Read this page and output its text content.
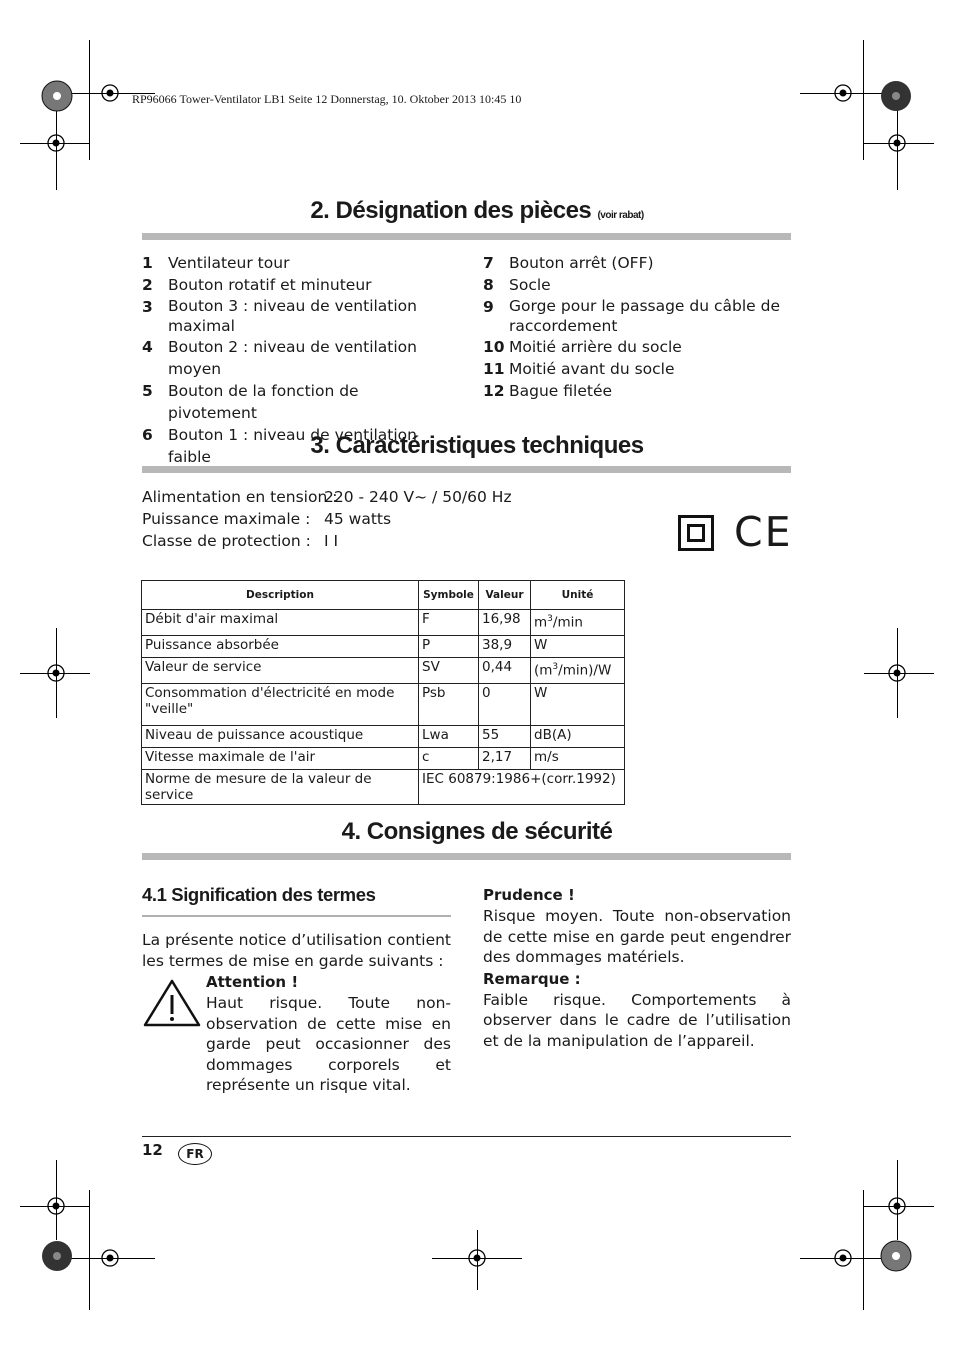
RP96066 Tower-Ventilator LB1 Seite 12 Donnerstag, 10. Oktober 2013 10:45 10
2. Désignation des pièces (voir rabat)
1 Ventilateur tour
2 Bouton rotatif et minuteur
3 Bouton 3 : niveau de ventilation maximal
4 Bouton 2 : niveau de ventilation moyen
5 Bouton de la fonction de pivotement
6 Bouton 1 : niveau de ventilation faible
7 Bouton arrêt (OFF)
8 Socle
9 Gorge pour le passage du câble de raccordement
10 Moitié arrière du socle
11 Moitié avant du socle
12 Bague filetée
3. Caractéristiques techniques
Alimentation en tension :220 - 240 V~ / 50/60 Hz
Puissance maximale : 45 watts
Classe de protection : I I	CE
Description	Symbole	Valeur	Unité
Débit d'air maximal	F	16,98	$m^3/\min$
Puissance absorbée	P	38,9	W
Valeur de service	SV	0,44	$(m^3/\min)/W$
Consommation d'électricité en mode "veille"	Psb	0	W
Niveau de puissance acoustique	Lwa	55	dB(A)
Vitesse maximale de l'air	c	2,17	m/s
Norme de mesure de la valeur de service	IEC 60879:1986+(corr.1992)		
4. Consignes de sécurité
4.1 Signification des termes
La présente notice d’utilisation contient les termes de mise en garde suivants :
Attention !
Haut risque. Toute non-observation de cette mise en garde peut occasionner des dommages corporels et représente un risque vital.
Prudence !
Risque moyen. Toute non-observation de cette mise en garde peut engendrer des dommages matériels.
Remarque :
Faible risque. Comportements à observer dans le cadre de l’utilisation et de la manipulation de l’appareil.
12	FR
